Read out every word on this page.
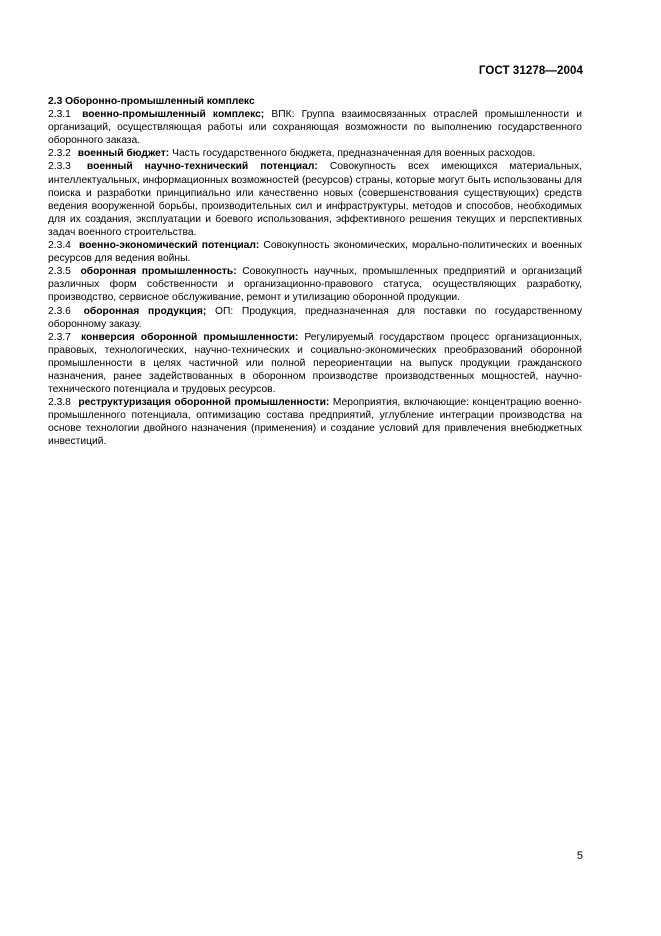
ГОСТ 31278—2004

2.3 Оборонно-промышленный комплекс

2.3.1 военно-промышленный комплекс; ВПК: Группа взаимосвязанных отраслей промышленности и организаций, осуществляющая работы или сохраняющая возможности по выполнению государственного оборонного заказа.

2.3.2 военный бюджет: Часть государственного бюджета, предназначенная для военных расходов.

2.3.3 военный научно-технический потенциал: Совокупность всех имеющихся материальных, интеллектуальных, информационных возможностей (ресурсов) страны, которые могут быть использованы для поиска и разработки принципиально или качественно новых (совершенствования существующих) средств ведения вооруженной борьбы, производительных сил и инфраструктуры, методов и способов, необходимых для их создания, эксплуатации и боевого использования, эффективного решения текущих и перспективных задач военного строительства.

2.3.4 военно-экономический потенциал: Совокупность экономических, морально-политических и военных ресурсов для ведения войны.

2.3.5 оборонная промышленность: Совокупность научных, промышленных предприятий и организаций различных форм собственности и организационно-правового статуса, осуществляющих разработку, производство, сервисное обслуживание, ремонт и утилизацию оборонной продукции.

2.3.6 оборонная продукция; ОП: Продукция, предназначенная для поставки по государственному оборонному заказу.

2.3.7 конверсия оборонной промышленности: Регулируемый государством процесс организационных, правовых, технологических, научно-технических и социально-экономических преобразований оборонной промышленности в целях частичной или полной переориентации на выпуск продукции гражданского назначения, ранее задействованных в оборонном производстве производственных мощностей, научно-технического потенциала и трудовых ресурсов.

2.3.8 реструктуризация оборонной промышленности: Мероприятия, включающие: концентрацию военно-промышленного потенциала, оптимизацию состава предприятий, углубление интеграции производства на основе технологии двойного назначения (применения) и создание условий для привлечения внебюджетных инвестиций.

5
